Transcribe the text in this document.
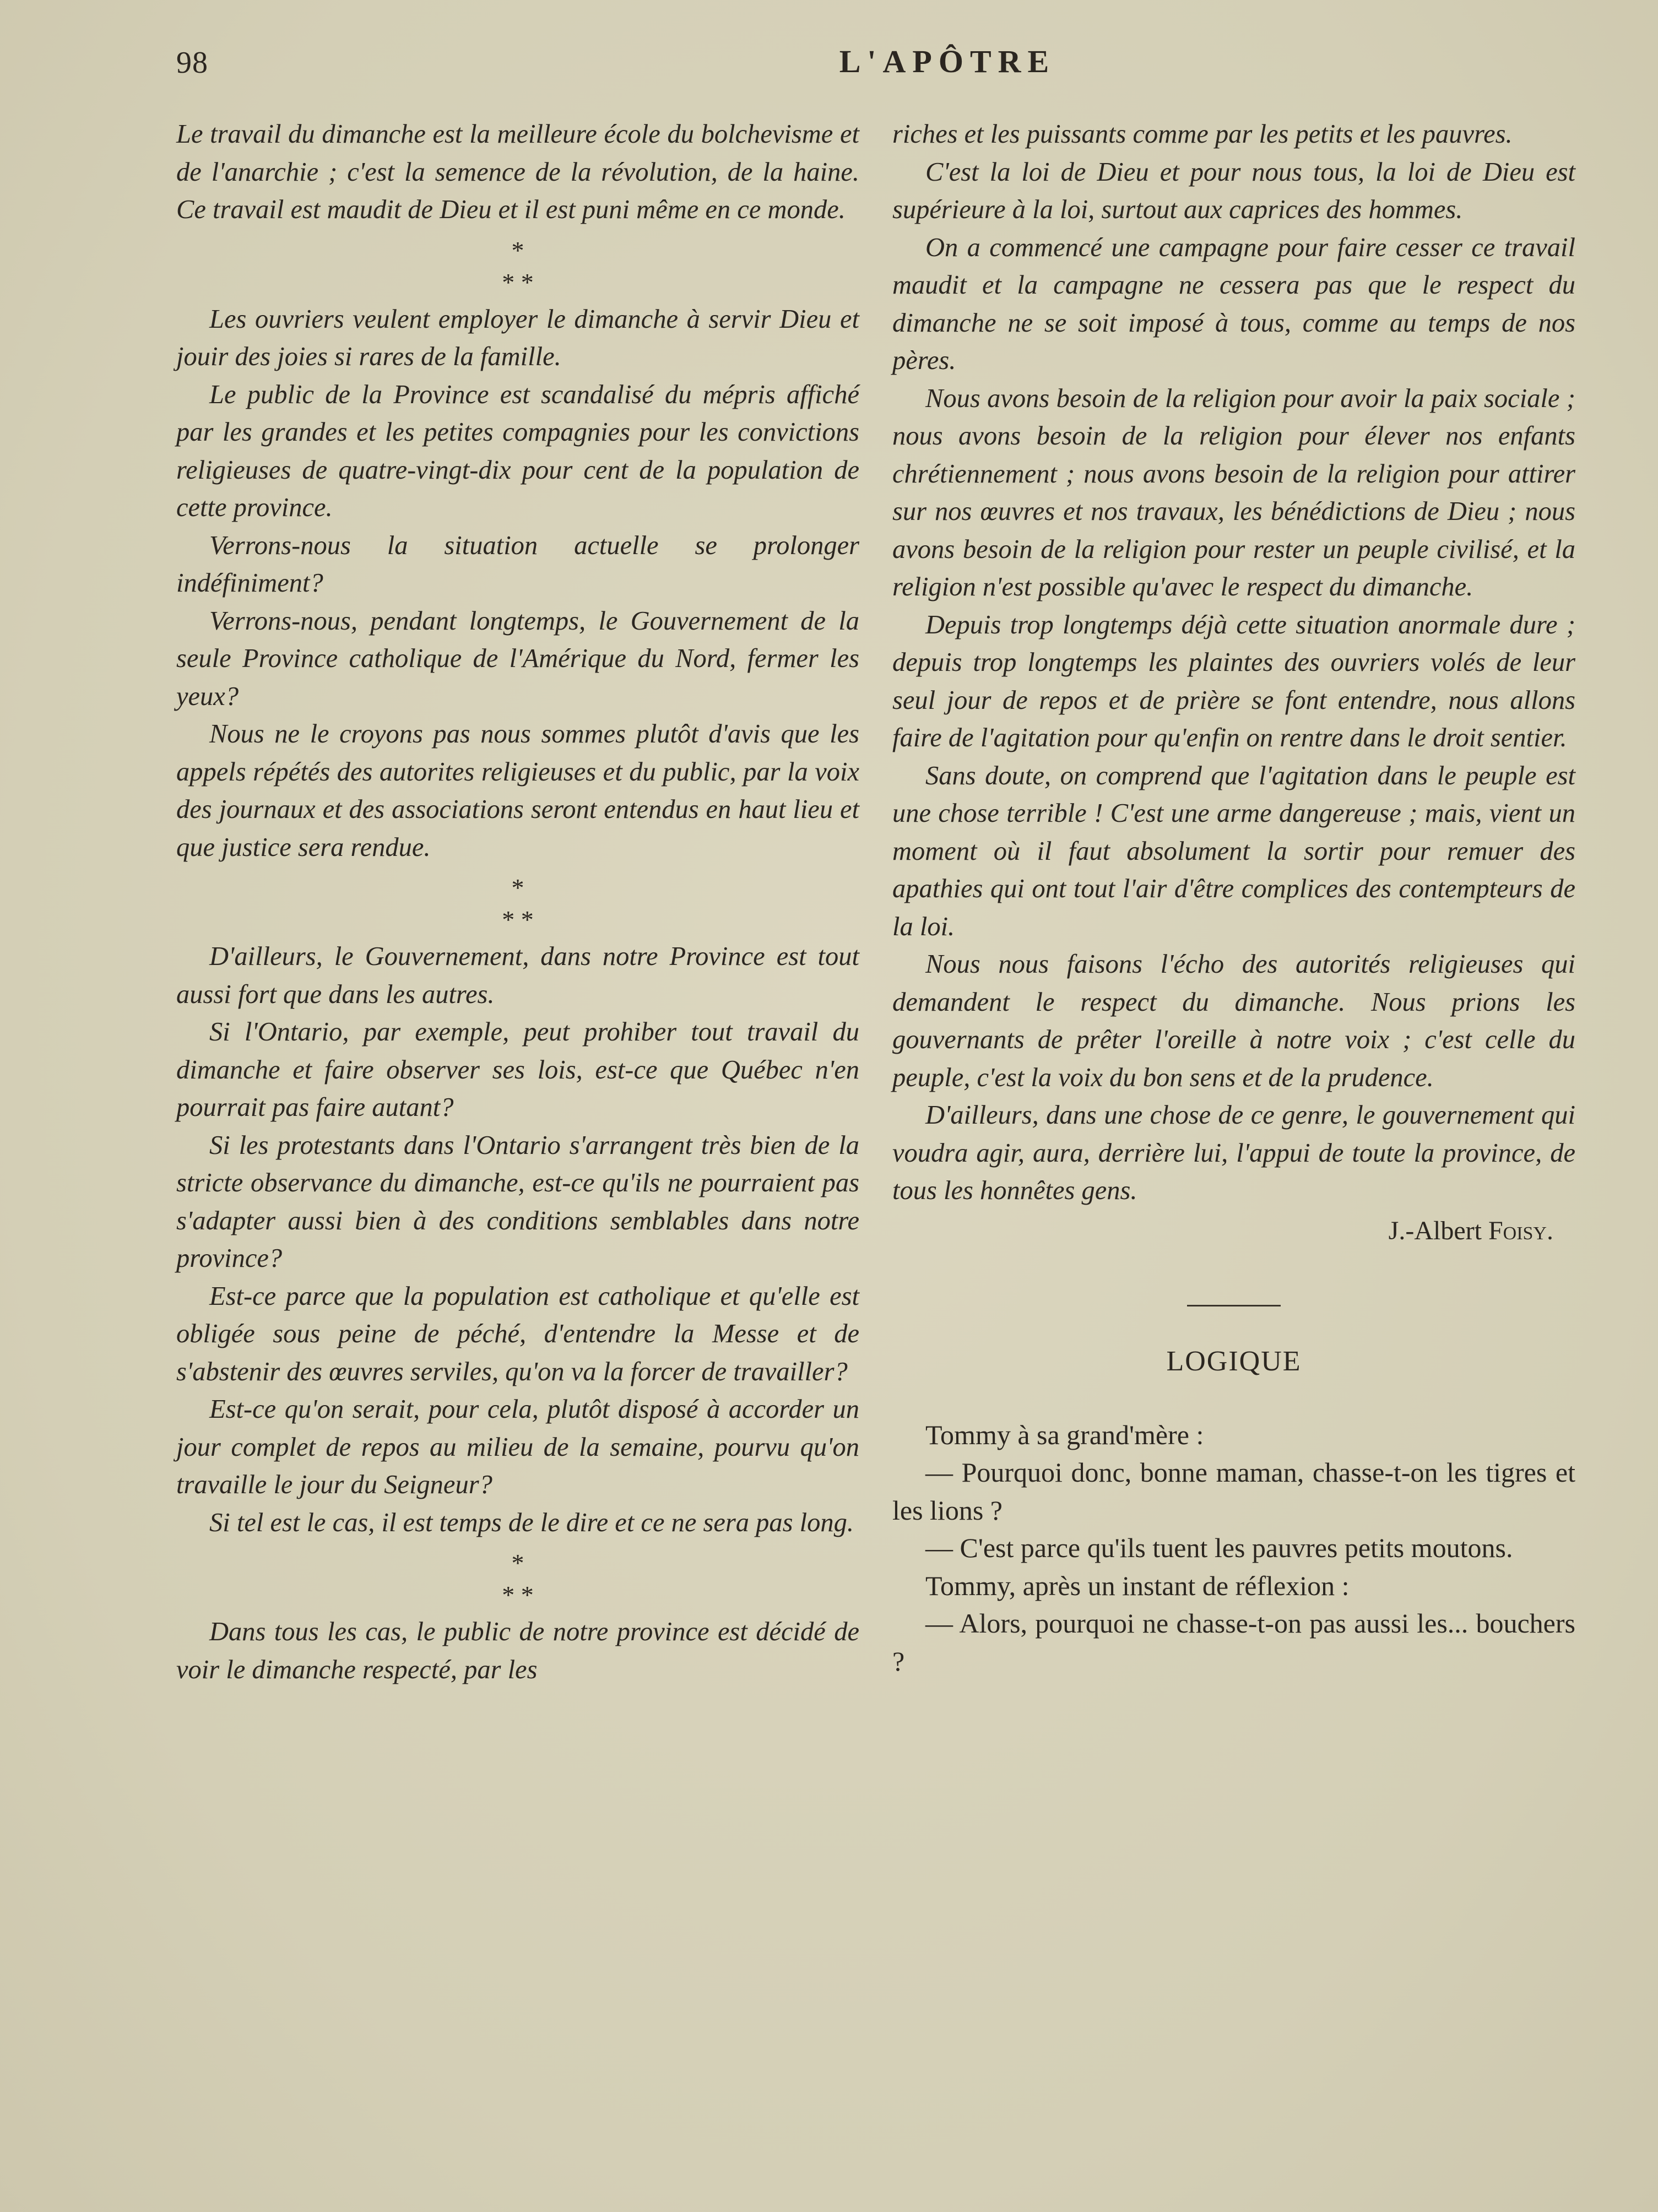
98	L'APÔTRE

Le travail du dimanche est la meilleure école du bolchevisme et de l'anarchie ; c'est la semence de la révolution, de la haine. Ce travail est maudit de Dieu et il est puni même en ce monde.

*
* *

Les ouvriers veulent employer le dimanche à servir Dieu et jouir des joies si rares de la famille.

Le public de la Province est scandalisé du mépris affiché par les grandes et les petites compagnies pour les convictions religieuses de quatre-vingt-dix pour cent de la population de cette province.

Verrons-nous la situation actuelle se prolonger indéfiniment?

Verrons-nous, pendant longtemps, le Gouvernement de la seule Province catholique de l'Amérique du Nord, fermer les yeux?

Nous ne le croyons pas nous sommes plutôt d'avis que les appels répétés des autorites religieuses et du public, par la voix des journaux et des associations seront entendus en haut lieu et que justice sera rendue.

*
* *

D'ailleurs, le Gouvernement, dans notre Province est tout aussi fort que dans les autres.

Si l'Ontario, par exemple, peut prohiber tout travail du dimanche et faire observer ses lois, est-ce que Québec n'en pourrait pas faire autant?

Si les protestants dans l'Ontario s'arrangent très bien de la stricte observance du dimanche, est-ce qu'ils ne pourraient pas s'adapter aussi bien à des conditions semblables dans notre province?

Est-ce parce que la population est catholique et qu'elle est obligée sous peine de péché, d'entendre la Messe et de s'abstenir des œuvres serviles, qu'on va la forcer de travailler?

Est-ce qu'on serait, pour cela, plutôt disposé à accorder un jour complet de repos au milieu de la semaine, pourvu qu'on travaille le jour du Seigneur?

Si tel est le cas, il est temps de le dire et ce ne sera pas long.

*
* *

Dans tous les cas, le public de notre province est décidé de voir le dimanche respecté, par les

riches et les puissants comme par les petits et les pauvres.

C'est la loi de Dieu et pour nous tous, la loi de Dieu est supérieure à la loi, surtout aux caprices des hommes.

On a commencé une campagne pour faire cesser ce travail maudit et la campagne ne cessera pas que le respect du dimanche ne se soit imposé à tous, comme au temps de nos pères.

Nous avons besoin de la religion pour avoir la paix sociale ; nous avons besoin de la religion pour élever nos enfants chrétiennement ; nous avons besoin de la religion pour attirer sur nos œuvres et nos travaux, les bénédictions de Dieu ; nous avons besoin de la religion pour rester un peuple civilisé, et la religion n'est possible qu'avec le respect du dimanche.

Depuis trop longtemps déjà cette situation anormale dure ; depuis trop longtemps les plaintes des ouvriers volés de leur seul jour de repos et de prière se font entendre, nous allons faire de l'agitation pour qu'enfin on rentre dans le droit sentier.

Sans doute, on comprend que l'agitation dans le peuple est une chose terrible ! C'est une arme dangereuse ; mais, vient un moment où il faut absolument la sortir pour remuer des apathies qui ont tout l'air d'être complices des contempteurs de la loi.

Nous nous faisons l'écho des autorités religieuses qui demandent le respect du dimanche. Nous prions les gouvernants de prêter l'oreille à notre voix ; c'est celle du peuple, c'est la voix du bon sens et de la prudence.

D'ailleurs, dans une chose de ce genre, le gouvernement qui voudra agir, aura, derrière lui, l'appui de toute la province, de tous les honnêtes gens.

J.-Albert Foisy.
LOGIQUE

Tommy à sa grand'mère :

— Pourquoi donc, bonne maman, chasse-t-on les tigres et les lions ?

— C'est parce qu'ils tuent les pauvres petits moutons.

Tommy, après un instant de réflexion :

— Alors, pourquoi ne chasse-t-on pas aussi les... bouchers ?
